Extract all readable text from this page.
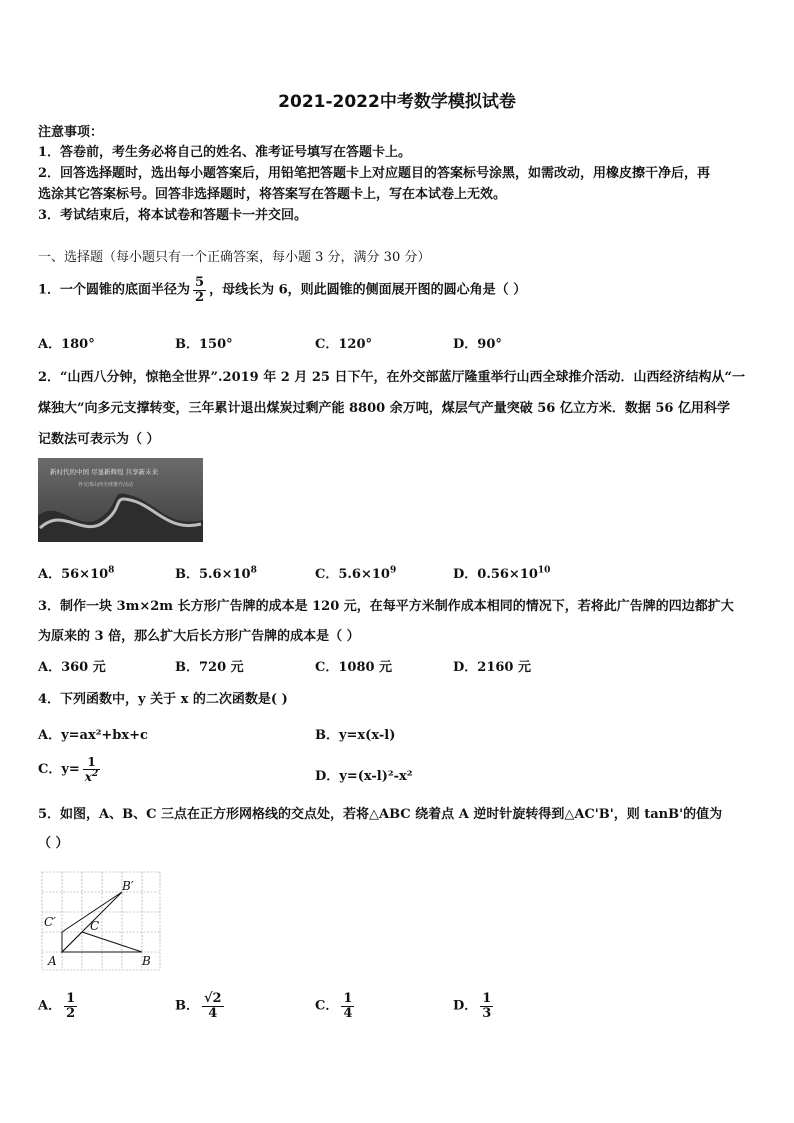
2021-2022中考数学模拟试卷
注意事项：
1．答卷前，考生务必将自己的姓名、准考证号填写在答题卡上。
2．回答选择题时，选出每小题答案后，用铅笔把答题卡上对应题目的答案标号涂黑，如需改动，用橡皮擦干净后，再
选涂其它答案标号。回答非选择题时，将答案写在答题卡上，写在本试卷上无效。
3．考试结束后，将本试卷和答题卡一并交回。
一、选择题（每小题只有一个正确答案，每小题 3 分，满分 30 分）
1．一个圆锥的底面半径为 $\frac{5}{2}$ ，母线长为 6，则此圆锥的侧面展开图的圆心角是（ ）
A．180°	B．150°	C．120°	D．90°
2．“山西八分钟，惊艳全世界”.2019 年 2 月 25 日下午，在外交部蓝厅隆重举行山西全球推介活动．山西经济结构从“一
煤独大”向多元支撑转变，三年累计退出煤炭过剩产能 8800 余万吨，煤层气产量突破 56 亿立方米．数据 56 亿用科学
记数法可表示为（ ）
新时代的中国 尽显新辉煌 共享新未来
外交部山西全球推介活动
A．$56\times 10^8$	B．$5.6\times 10^8$	C．$5.6\times 10^9$	D．$0.56\times 10^{10}$
3．制作一块 3m×2m 长方形广告牌的成本是 120 元，在每平方米制作成本相同的情况下，若将此广告牌的四边都扩大
为原来的 3 倍，那么扩大后长方形广告牌的成本是（ ）
A．360 元	B．720 元	C．1080 元	D．2160 元
4．下列函数中，y 关于 x 的二次函数是( )
A．y=ax²+bx+c	B．y=x(x-l)
C．$y= \frac{1}{x^2}$	D．y=(x-l)²-x²
5．如图，A、B、C 三点在正方形网格线的交点处，若将△ABC 绕着点 A 逆时针旋转得到△AC'B'，则 tanB'的值为
（ ）
A	B
C
B′
C′
A． $\frac{1}{2}$	B． $\frac{√2}{4}$	C． $\frac{1}{4}$	D． $\frac{1}{3}$
